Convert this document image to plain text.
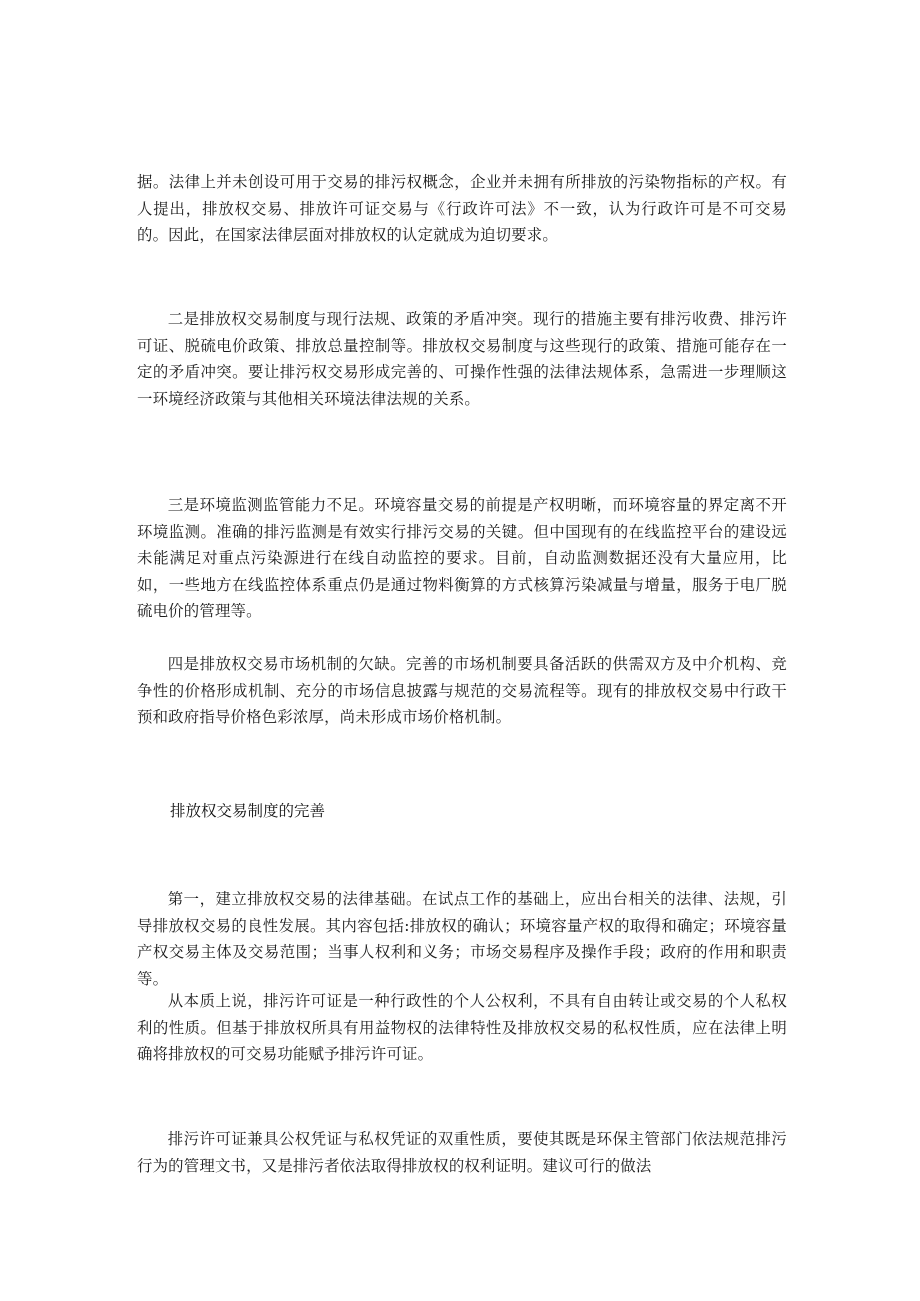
据。法律上并未创设可用于交易的排污权概念，企业并未拥有所排放的污染物指标的产权。有人提出，排放权交易、排放许可证交易与《行政许可法》不一致，认为行政许可是不可交易的。因此，在国家法律层面对排放权的认定就成为迫切要求。

二是排放权交易制度与现行法规、政策的矛盾冲突。现行的措施主要有排污收费、排污许可证、脱硫电价政策、排放总量控制等。排放权交易制度与这些现行的政策、措施可能存在一定的矛盾冲突。要让排污权交易形成完善的、可操作性强的法律法规体系，急需进一步理顺这一环境经济政策与其他相关环境法律法规的关系。

三是环境监测监管能力不足。环境容量交易的前提是产权明晰，而环境容量的界定离不开环境监测。准确的排污监测是有效实行排污交易的关键。但中国现有的在线监控平台的建设远未能满足对重点污染源进行在线自动监控的要求。目前，自动监测数据还没有大量应用，比如，一些地方在线监控体系重点仍是通过物料衡算的方式核算污染减量与增量，服务于电厂脱硫电价的管理等。

四是排放权交易市场机制的欠缺。完善的市场机制要具备活跃的供需双方及中介机构、竞争性的价格形成机制、充分的市场信息披露与规范的交易流程等。现有的排放权交易中行政干预和政府指导价格色彩浓厚，尚未形成市场价格机制。

排放权交易制度的完善

第一，建立排放权交易的法律基础。在试点工作的基础上，应出台相关的法律、法规，引导排放权交易的良性发展。其内容包括:排放权的确认；环境容量产权的取得和确定；环境容量产权交易主体及交易范围；当事人权利和义务；市场交易程序及操作手段；政府的作用和职责等。

从本质上说，排污许可证是一种行政性的个人公权利，不具有自由转让或交易的个人私权利的性质。但基于排放权所具有用益物权的法律特性及排放权交易的私权性质，应在法律上明确将排放权的可交易功能赋予排污许可证。

排污许可证兼具公权凭证与私权凭证的双重性质，要使其既是环保主管部门依法规范排污行为的管理文书，又是排污者依法取得排放权的权利证明。建议可行的做法
